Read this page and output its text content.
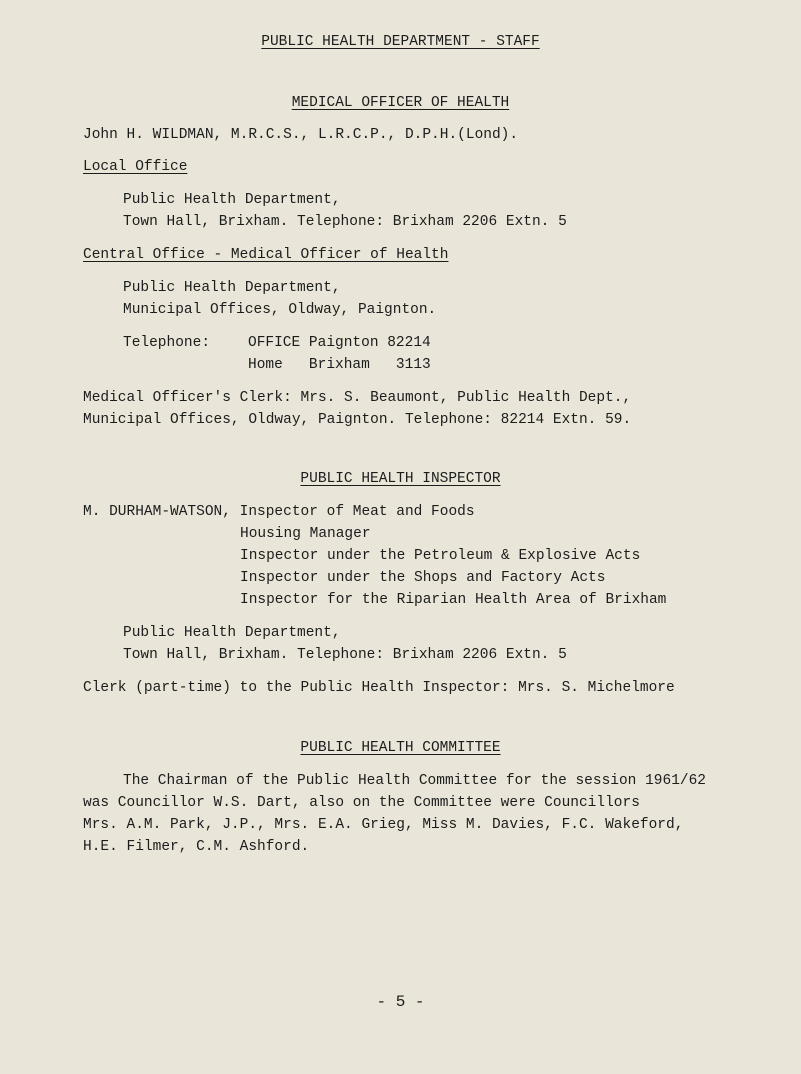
PUBLIC HEALTH DEPARTMENT - STAFF
MEDICAL OFFICER OF HEALTH
John H. WILDMAN, M.R.C.S., L.R.C.P., D.P.H.(Lond).
Local Office
Public Health Department,
Town Hall, Brixham. Telephone: Brixham 2206 Extn. 5
Central Office - Medical Officer of Health
Public Health Department,
Municipal Offices, Oldway, Paignton.
Telephone:	OFFICE Paignton 82214
Home   Brixham   3113
Medical Officer's Clerk: Mrs. S. Beaumont, Public Health Dept.,
Municipal Offices, Oldway, Paignton. Telephone: 82214 Extn. 59.
PUBLIC HEALTH INSPECTOR
M. DURHAM-WATSON, Inspector of Meat and Foods
Housing Manager
Inspector under the Petroleum & Explosive Acts
Inspector under the Shops and Factory Acts
Inspector for the Riparian Health Area of Brixham
Public Health Department,
Town Hall, Brixham. Telephone: Brixham 2206 Extn. 5
Clerk (part-time) to the Public Health Inspector: Mrs. S. Michelmore
PUBLIC HEALTH COMMITTEE
The Chairman of the Public Health Committee for the session 1961/62
was Councillor W.S. Dart, also on the Committee were Councillors
Mrs. A.M. Park, J.P., Mrs. E.A. Grieg, Miss M. Davies, F.C. Wakeford,
H.E. Filmer, C.M. Ashford.
- 5 -
